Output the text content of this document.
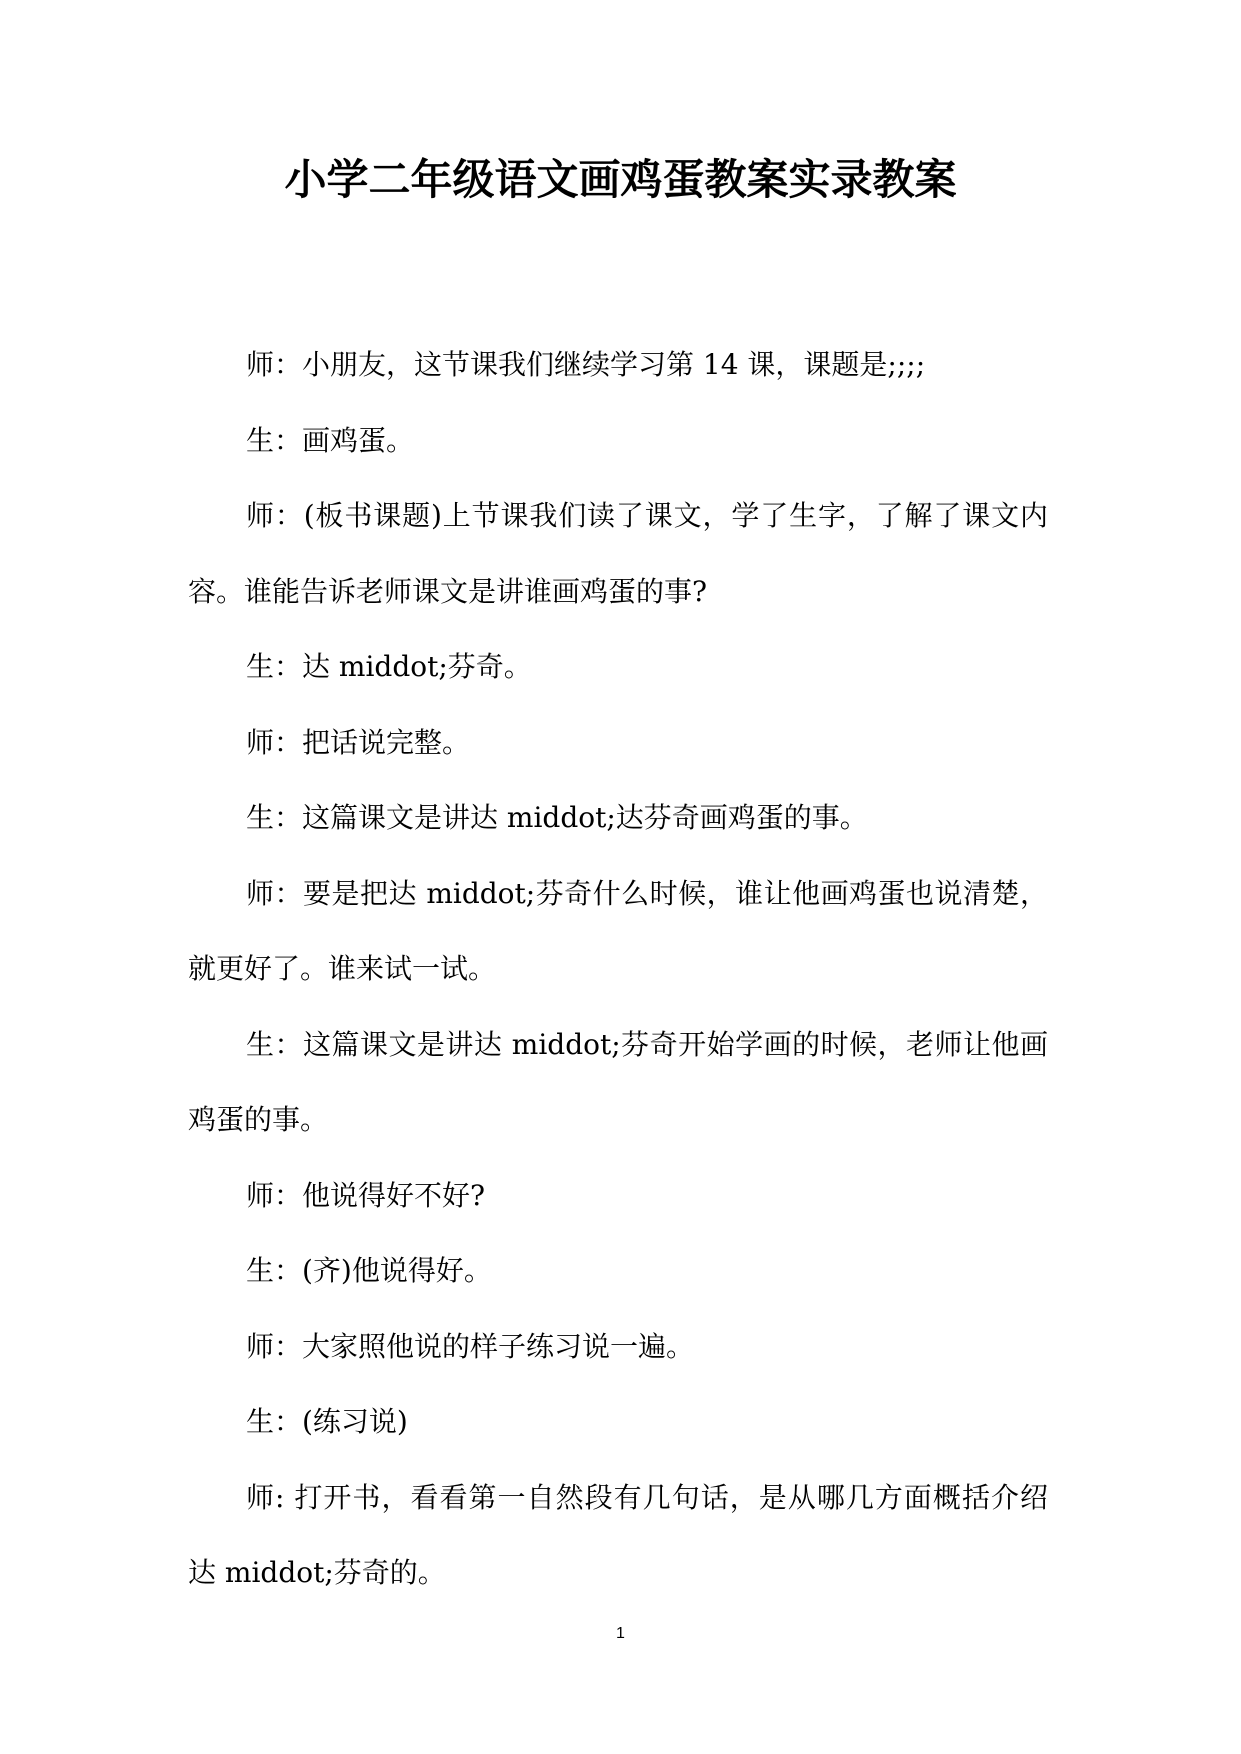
小学二年级语文画鸡蛋教案实录教案

师：小朋友，这节课我们继续学习第 14 课，课题是;;;;

生：画鸡蛋。

师：(板书课题)上节课我们读了课文，学了生字，了解了课文内容。谁能告诉老师课文是讲谁画鸡蛋的事?

生：达 middot;芬奇。

师：把话说完整。

生：这篇课文是讲达 middot;达芬奇画鸡蛋的事。

师：要是把达 middot;芬奇什么时候，谁让他画鸡蛋也说清楚，就更好了。谁来试一试。

生：这篇课文是讲达 middot;芬奇开始学画的时候，老师让他画鸡蛋的事。

师：他说得好不好?

生：(齐)他说得好。

师：大家照他说的样子练习说一遍。

生：(练习说)

师: 打开书，看看第一自然段有几句话，是从哪几方面概括介绍达 middot;芬奇的。

1
